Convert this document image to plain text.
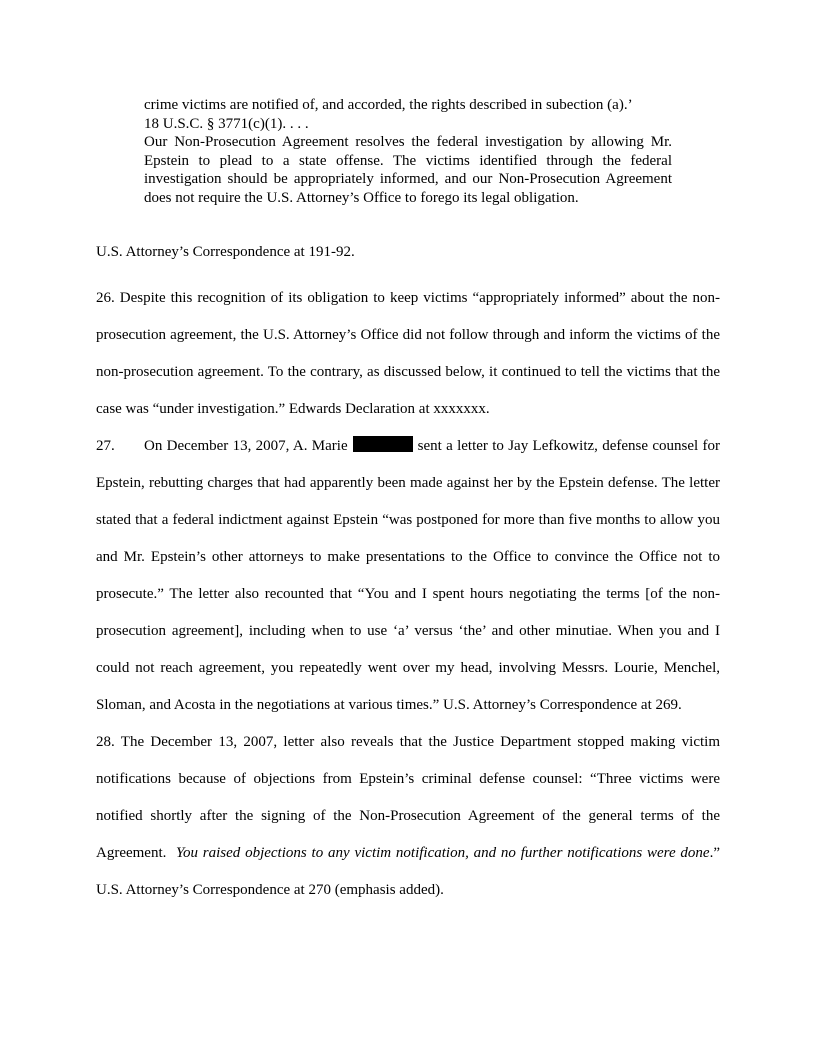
crime victims are notified of, and accorded, the rights described in subection (a).’

18 U.S.C. § 3771(c)(1). . . .

Our Non-Prosecution Agreement resolves the federal investigation by allowing Mr. Epstein to plead to a state offense. The victims identified through the federal investigation should be appropriately informed, and our Non-Prosecution Agreement does not require the U.S. Attorney’s Office to forego its legal obligation.

U.S. Attorney’s Correspondence at 191-92.

26. Despite this recognition of its obligation to keep victims “appropriately informed” about the non-prosecution agreement, the U.S. Attorney’s Office did not follow through and inform the victims of the non-prosecution agreement. To the contrary, as discussed below, it continued to tell the victims that the case was “under investigation.” Edwards Declaration at xxxxxxx.

27. On December 13, 2007, A. Marie	sent a letter to Jay Lefkowitz, defense counsel for Epstein, rebutting charges that had apparently been made against her by the Epstein defense. The letter stated that a federal indictment against Epstein “was postponed for more than five months to allow you and Mr. Epstein’s other attorneys to make presentations to the Office to convince the Office not to prosecute.” The letter also recounted that “You and I spent hours negotiating the terms [of the non-prosecution agreement], including when to use ‘a’ versus ‘the’ and other minutiae. When you and I could not reach agreement, you repeatedly went over my head, involving Messrs. Lourie, Menchel, Sloman, and Acosta in the negotiations at various times.” U.S. Attorney’s Correspondence at 269.

28. The December 13, 2007, letter also reveals that the Justice Department stopped making victim notifications because of objections from Epstein’s criminal defense counsel: “Three victims were notified shortly after the signing of the Non-Prosecution Agreement of the general terms of the Agreement. You raised objections to any victim notification, and no further notifications were done.” U.S. Attorney’s Correspondence at 270 (emphasis added).
